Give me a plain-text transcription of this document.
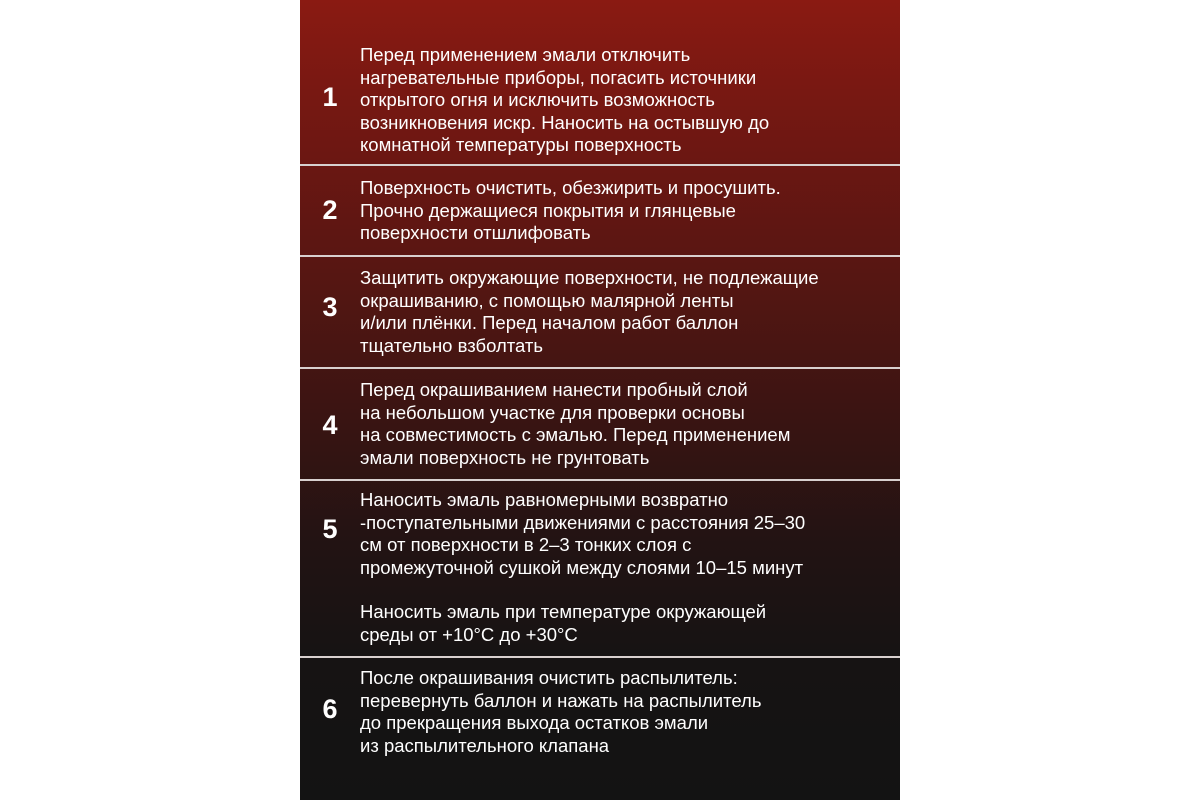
1
Перед применением эмали отключить
нагревательные приборы, погасить источники
открытого огня и исключить возможность
возникновения искр. Наносить на остывшую до
комнатной температуры поверхность
2
Поверхность очистить, обезжирить и просушить.
Прочно держащиеся покрытия и глянцевые
поверхности отшлифовать
3
Защитить окружающие поверхности, не подлежащие
окрашиванию, с помощью малярной ленты
и/или плёнки. Перед началом работ баллон
тщательно взболтать
4
Перед окрашиванием нанести пробный слой
на небольшом участке для проверки основы
на совместимость с эмалью. Перед применением
эмали поверхность не грунтовать
5
Наносить эмаль равномерными возвратно
-поступательными движениями с расстояния 25–30
см от поверхности в 2–3 тонких слоя с
промежуточной сушкой между слоями 10–15 минут
Наносить эмаль при температуре окружающей
среды от +10°C до +30°C
6
После окрашивания очистить распылитель:
перевернуть баллон и нажать на распылитель
до прекращения выхода остатков эмали
из распылительного клапана
